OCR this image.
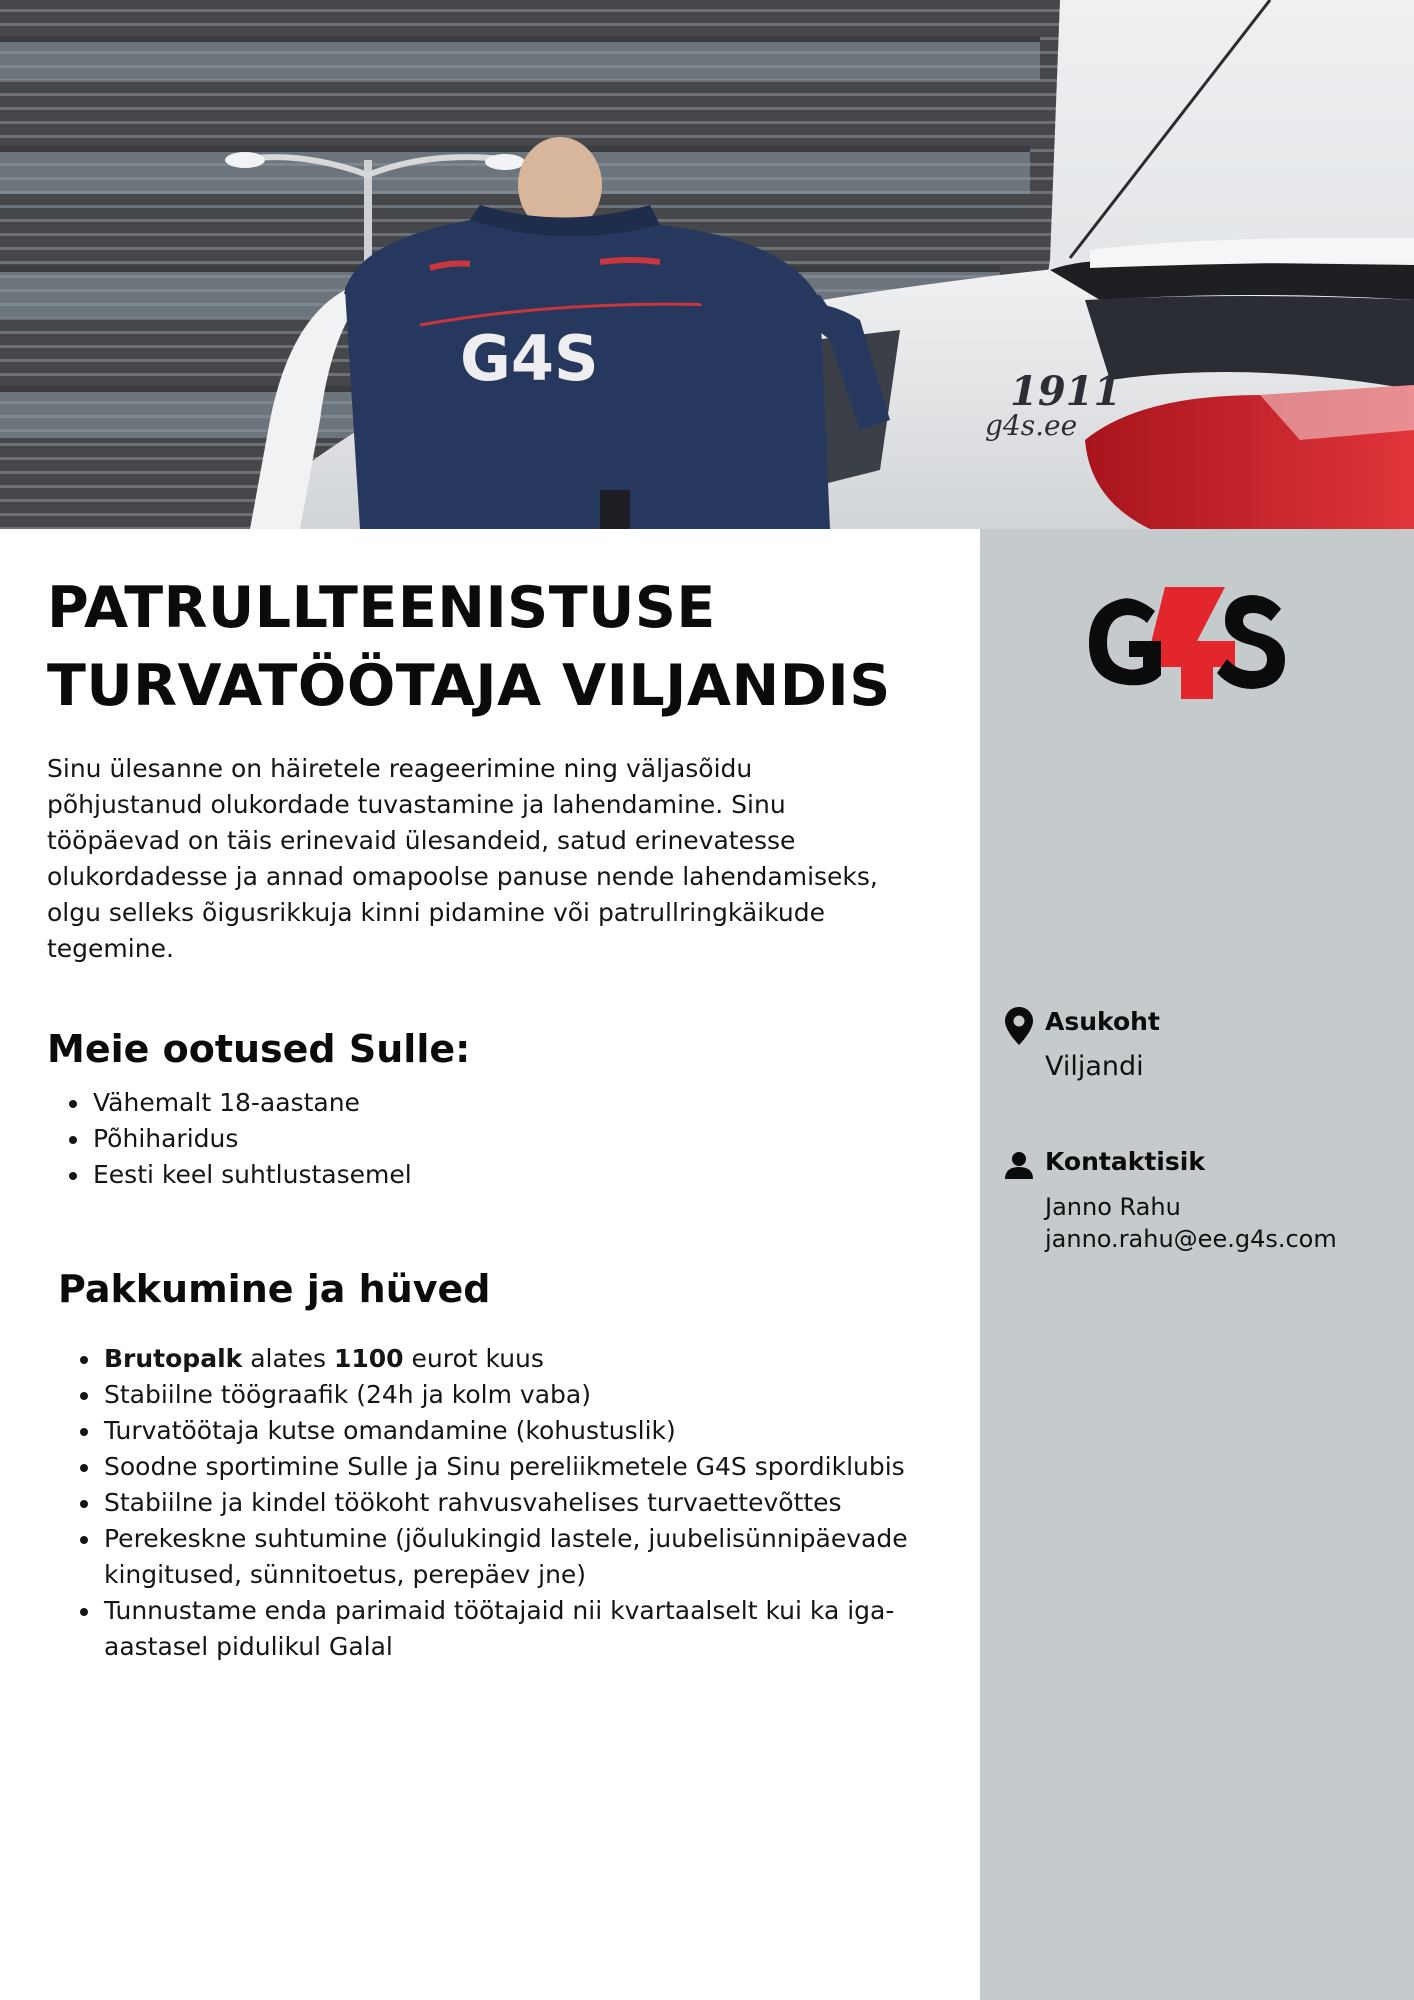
1911
g4s.ee
G4S
Asukoht
Viljandi
Kontaktisik
Janno Rahu
janno.rahu@ee.g4s.com
PATRULLTEENISTUSE
TURVATÖÖTAJA VILJANDIS

Sinu ülesanne on häiretele reageerimine ning väljasõidu põhjustanud olukordade tuvastamine ja lahendamine. Sinu tööpäevad on täis erinevaid ülesandeid, satud erinevatesse olukordadesse ja annad omapoolse panuse nende lahendamiseks, olgu selleks õigusrikkuja kinni pidamine või patrullringkäikude tegemine.

Meie ootused Sulle:
• Vähemalt 18-aastane
• Põhiharidus
• Eesti keel suhtlustasemel
Pakkumine ja hüved
• Brutopalk alates 1100 eurot kuus
• Stabiilne töögraafik (24h ja kolm vaba)
• Turvatöötaja kutse omandamine (kohustuslik)
• Soodne sportimine Sulle ja Sinu pereliikmetele G4S spordiklubis
• Stabiilne ja kindel töökoht rahvusvahelises turvaettevõttes
• Perekeskne suhtumine (jõulukingid lastele, juubelisünnipäevade kingitused, sünnitoetus, perepäev jne)
• Tunnustame enda parimaid töötajaid nii kvartaalselt kui ka iga-aastasel pidulikul Galal
